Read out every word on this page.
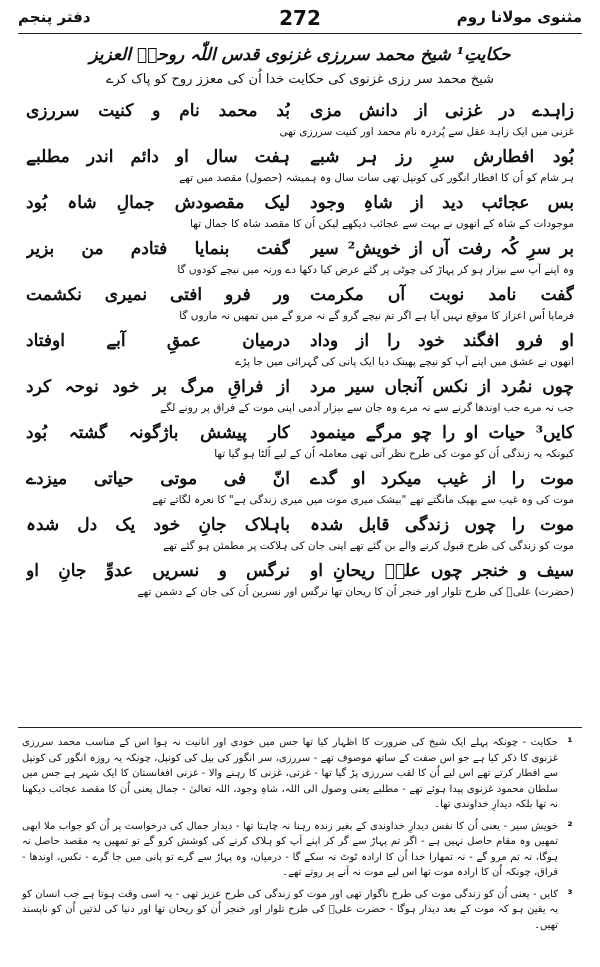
مثنوی مولانا روم
272
دفتر پنجم
حکایتِ¹ شیخ محمد سررزی غزنوی قدس اللّٰہ روحہٗ العزیز
شیخ محمد سر رزی غزنوی کی حکایت خدا اُن کی معزز روح کو پاک کرے
زاہدے در غزنی از دانش مزی
بُد محمد نام و کنیت سررزی
غزنی میں ایک زاہد عقل سے پُردرہ نام محمد اور کنیت سررزی تھی
بُود افطارش سرِ رز ہر شبے
ہفت سال او دائم اندر مطلبے
ہر شام کو اُن کا افطار انگور کی کونپل تھی سات سال وہ ہمیشہ (حصول) مقصد میں تھے
بس عجائب دید از شاہِ وجود
لیک مقصودش جمالِ شاہ بُود
موجودات کے شاہ کے انھوں نے بہت سے عجائب دیکھے لیکن اُن کا مقصد شاہ کا جمال تھا
بر سرِ کُہ رفت آں از خویش² سیر
گفت بنمایا فتادم من بزیر
وہ اپنے آپ سے بیزار ہو کر پہاڑ کی چوٹی پر گئے عرض کیا دکھا دے ورنہ میں نیچے کودوں گا
گفت نامد نوبت آں مکرمت
ور فرو افتی نمیری نکشمت
فرمایا اُس اعزاز کا موقع نہیں آیا ہے اگر تم نیچے گرو گے نہ مرو گے میں تمھیں نہ ماروں گا
او فرو افگند خود را از وداد
درمیان عمقِ آبے اوفتاد
انھوں نے عشق میں اپنے آپ کو نیچے پھینک دیا ایک پانی کی گہرائی میں جا پڑے
چوں نمُرد از نکس آنجاں سیر مرد
از فراقِ مرگ بر خود نوحہ کرد
جب نہ مرے جب اوندھا گرنے سے نہ مرے وہ جان سے بیزار آدمی اپنی موت کے فراق پر رونے لگے
کایں³ حیات او را چو مرگے مینمود
کار پیشش باژگونہ گشتہ بُود
کیونکہ یہ زندگی اُن کو موت کی طرح نظر آتی تھی معاملہ اُن کے لیے اُلٹا ہو گیا تھا
موت را از غیب میکرد او گدے
انّ فی موتی حیاتی میزدے
موت کی وہ غیب سے بھیک مانگتے تھے "بیشک میری موت میں میری زندگی ہے" کا نعرہ لگاتے تھے
موت را چوں زندگی قابل شدہ
باہلاک جانِ خود یک دل شدہ
موت کو زندگی کی طرح قبول کرنے والے بن گئے تھے اپنی جان کی ہلاکت پر مطمئن ہو گئے تھے
سیف و خنجر چوں علیؓ ریحانِ او
نرگس و نسریں عدوِّ جانِ او
(حضرت) علیؓ کی طرح تلوار اور خنجر اُن کا ریحان تھا نرگس اور نسرین اُن کی جان کے دشمن تھے
¹
حکایت - چونکہ پہلے ایک شیخ کی ضرورت کا اظہار کیا تھا جس میں خودی اور انانیت نہ ہوا اس کے مناسب محمد سررزی غزنوی کا ذکر کیا ہے جو اس صفت کے ساتھ موصوف تھے - سررزی، سر انگور کی بیل کی کونپل، چونکہ یہ روزہ انگور کی کونپل سے افطار کرتے تھے اس لیے اُن کا لقب سررزی پڑ گیا تھا - غزنی، غزنی کا رہنے والا - غزنی افغانستان کا ایک شہر ہے جس میں سلطان محمود غزنوی پیدا ہوئے تھے - مطلبے یعنی وصول الی اللہ، شاہِ وجود، اللہ تعالیٰ - جمال یعنی اُن کا مقصد عجائب دیکھنا نہ تھا بلکہ دیدارِ خداوندی تھا۔
²
خویش سیر - یعنی اُن کا نفس دیدارِ خداوندی کے بغیر زندہ رہنا نہ چاہتا تھا - دیدار جمال کی درخواست پر اُن کو جواب ملا ابھی تمھیں وہ مقام حاصل نہیں ہے - اگر تم پہاڑ سے گر کر اپنے آپ کو ہلاک کرنے کی کوشش کرو گے تو تمھیں یہ مقصد حاصل نہ ہوگا، نہ تم مرو گے - نہ تمھارا خدا اُن کا ارادہ ٹوٹ نہ سکے گا - درمیان، وہ پہاڑ سے گرے تو پانی میں جا گرے - نکس، اوندھا - فراق، چونکہ اُن کا ارادہ موت تھا اس لیے موت نہ آنے پر روتے تھے۔
³
کایں - یعنی اُن کو زندگی موت کی طرح ناگوار تھی اور موت کو زندگی کی طرح عزیز تھی - یہ اسی وقت ہوتا ہے جب انسان کو یہ یقین ہو کہ موت کے بعد دیدار ہوگا - حضرت علیؓ کی طرح تلوار اور خنجر اُن کو ریحان تھا اور دنیا کی لذتیں اُن کو ناپسند تھیں۔
